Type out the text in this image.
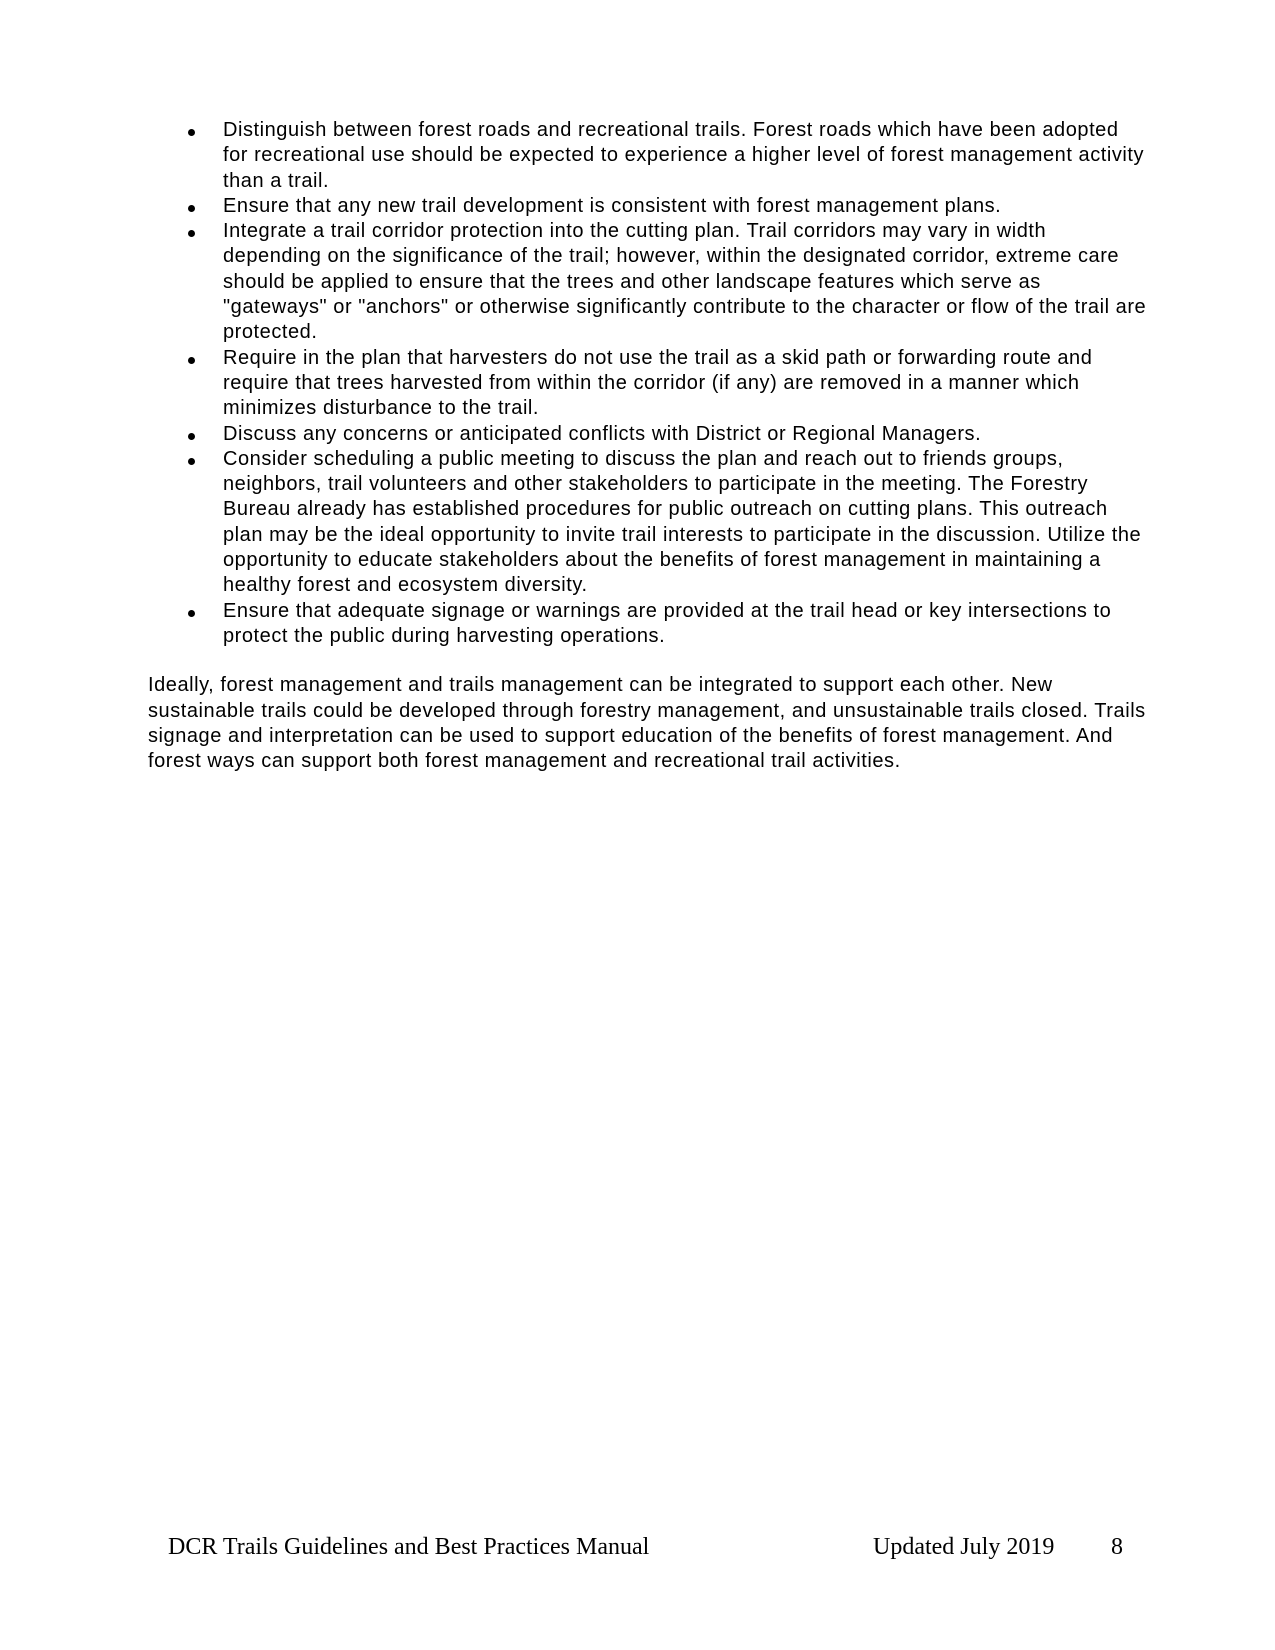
Distinguish between forest roads and recreational trails. Forest roads which have been adopted for recreational use should be expected to experience a higher level of forest management activity than a trail.
Ensure that any new trail development is consistent with forest management plans.
Integrate a trail corridor protection into the cutting plan. Trail corridors may vary in width depending on the significance of the trail; however, within the designated corridor, extreme care should be applied to ensure that the trees and other landscape features which serve as "gateways" or "anchors" or otherwise significantly contribute to the character or flow of the trail are protected.
Require in the plan that harvesters do not use the trail as a skid path or forwarding route and require that trees harvested from within the corridor (if any) are removed in a manner which minimizes disturbance to the trail.
Discuss any concerns or anticipated conflicts with District or Regional Managers.
Consider scheduling a public meeting to discuss the plan and reach out to friends groups, neighbors, trail volunteers and other stakeholders to participate in the meeting. The Forestry Bureau already has established procedures for public outreach on cutting plans. This outreach plan may be the ideal opportunity to invite trail interests to participate in the discussion. Utilize the opportunity to educate stakeholders about the benefits of forest management in maintaining a healthy forest and ecosystem diversity.
Ensure that adequate signage or warnings are provided at the trail head or key intersections to protect the public during harvesting operations.

Ideally, forest management and trails management can be integrated to support each other. New sustainable trails could be developed through forestry management, and unsustainable trails closed. Trails signage and interpretation can be used to support education of the benefits of forest management. And forest ways can support both forest management and recreational trail activities.

DCR Trails Guidelines and Best Practices Manual	Updated July 2019 8
